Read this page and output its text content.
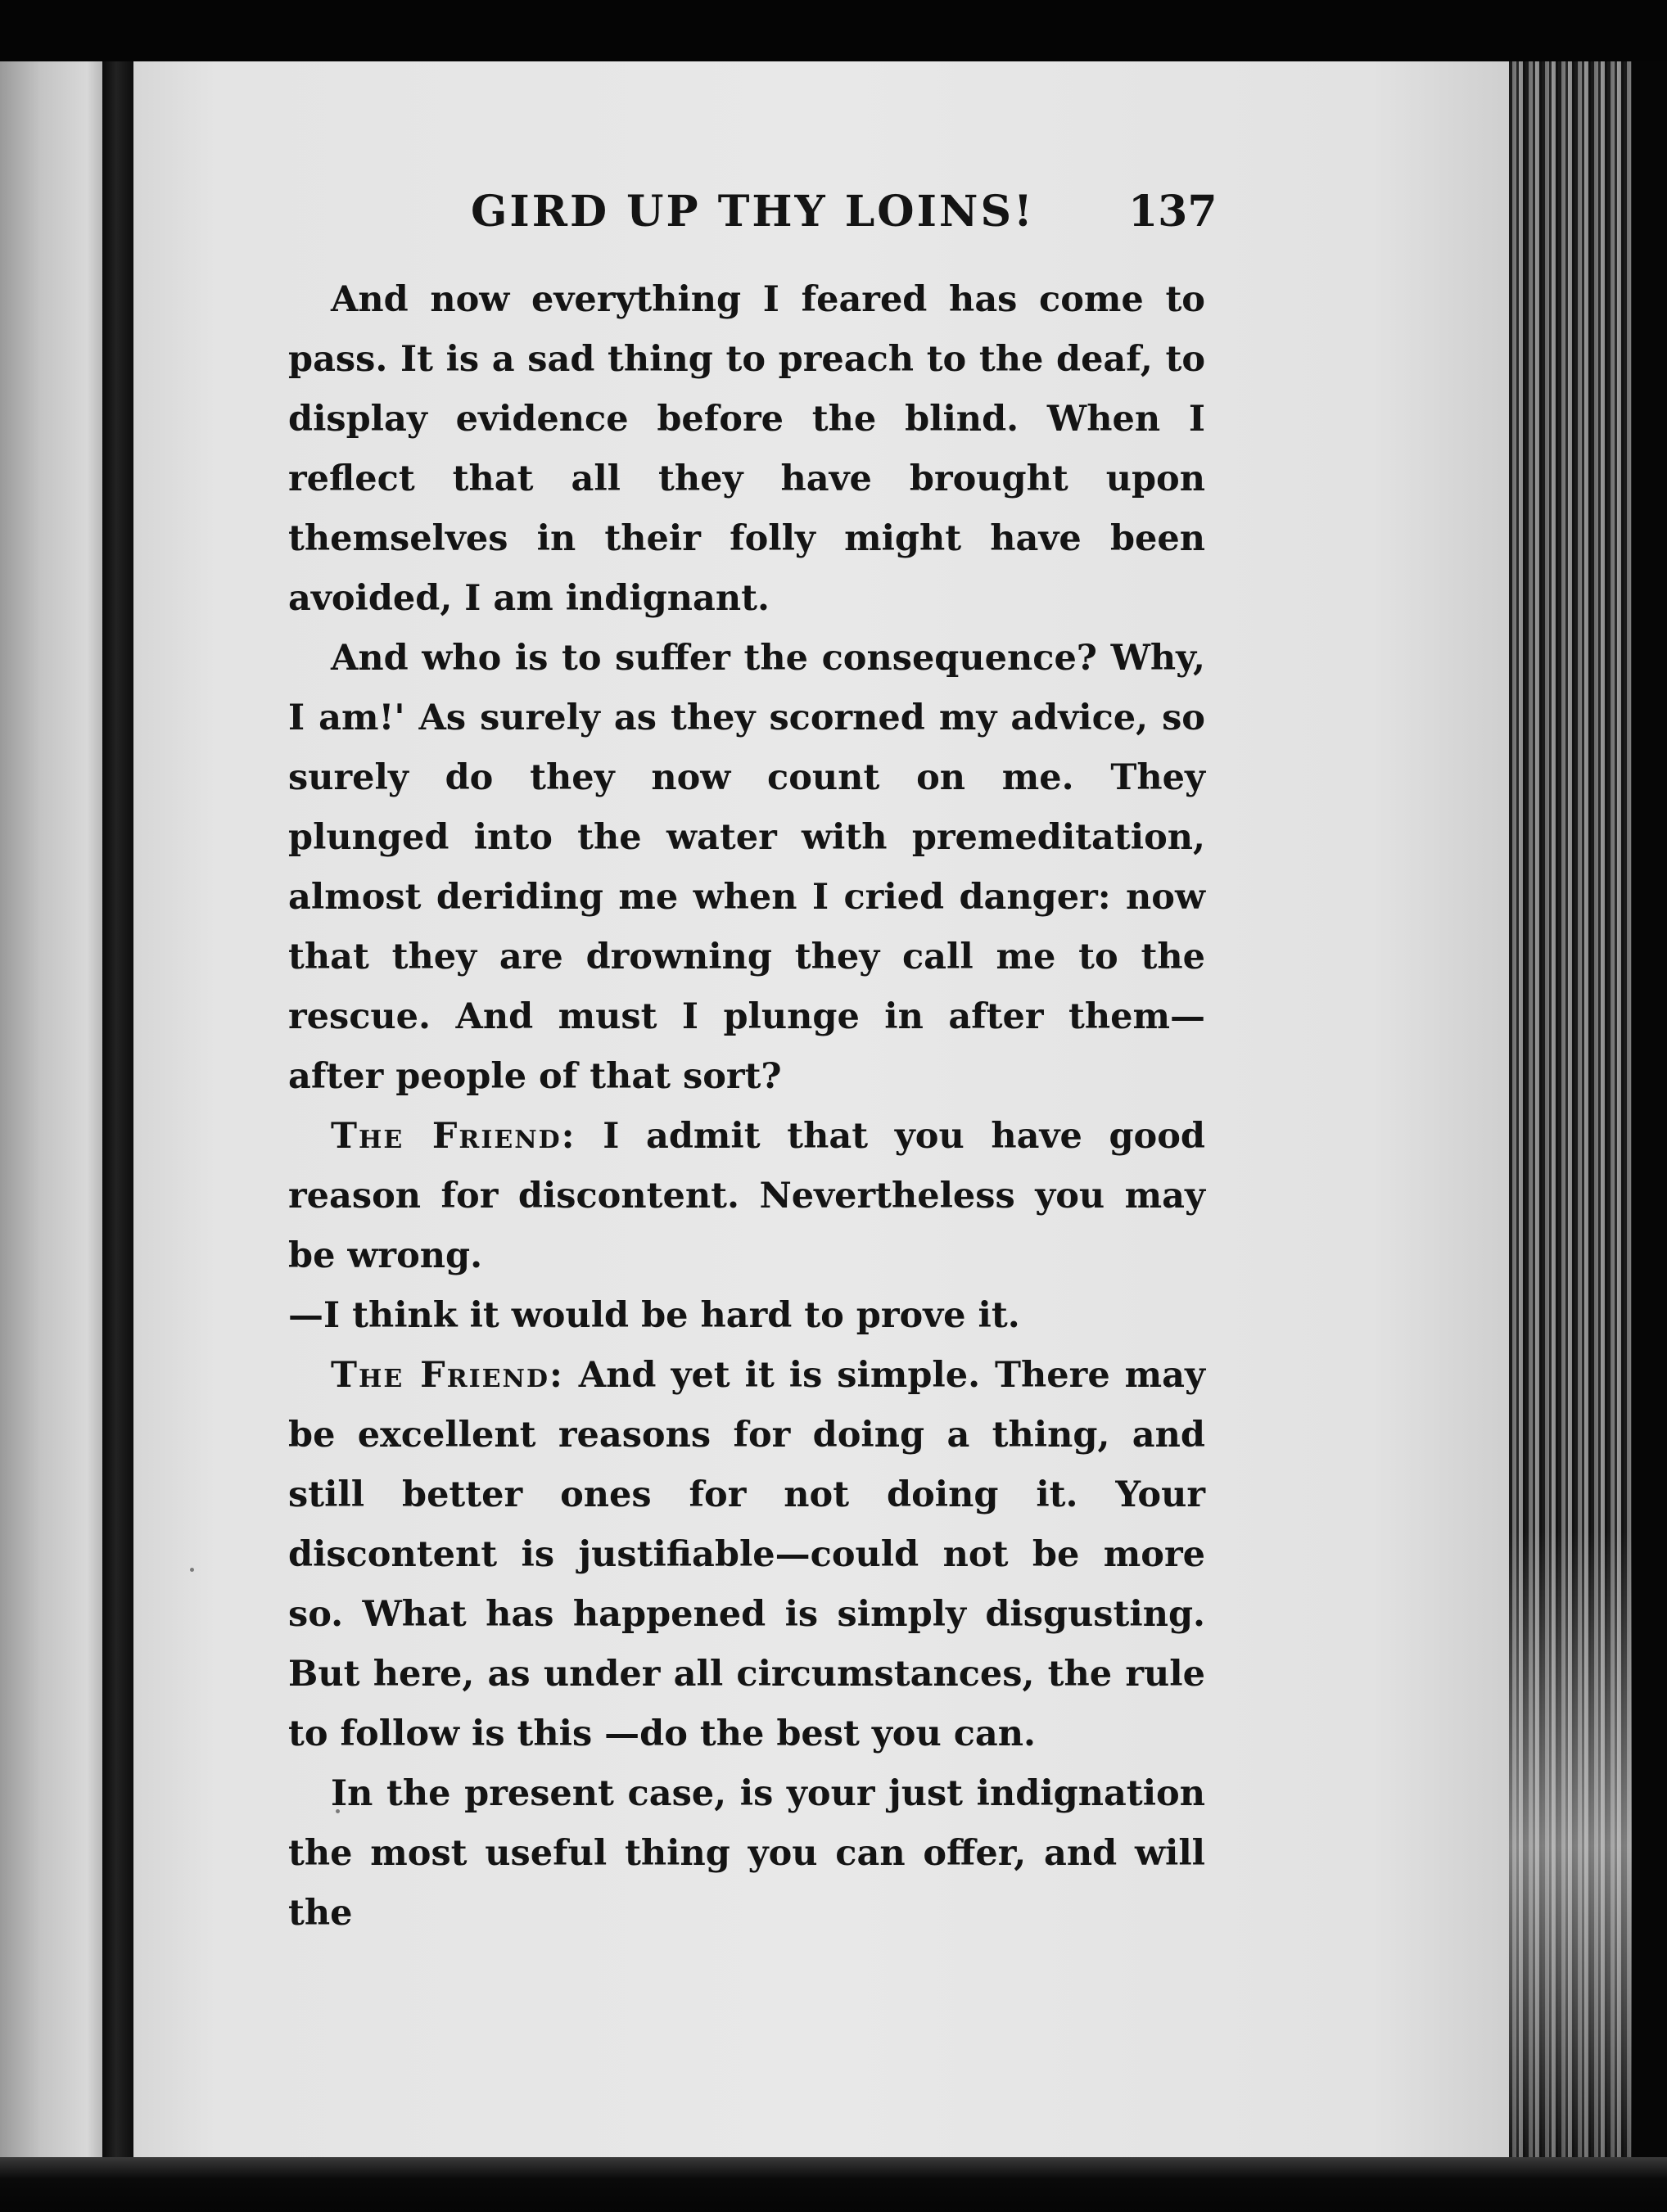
GIRD UP THY LOINS!	137

And now everything I feared has come to pass. It is a sad thing to preach to the deaf, to display evidence before the blind. When I reflect that all they have brought upon themselves in their folly might have been avoided, I am indignant.

And who is to suffer the consequence? Why, I am!' As surely as they scorned my advice, so surely do they now count on me. They plunged into the water with premeditation, almost deriding me when I cried danger: now that they are drowning they call me to the rescue. And must I plunge in after them—after people of that sort?

The Friend: I admit that you have good reason for discontent. Nevertheless you may be wrong.

—I think it would be hard to prove it.

The Friend: And yet it is simple. There may be excellent reasons for doing a thing, and still better ones for not doing it. Your discontent is justifiable—could not be more so. What has happened is simply disgusting. But here, as under all circumstances, the rule to follow is this —do the best you can.

In the present case, is your just indignation the most useful thing you can offer, and will the
